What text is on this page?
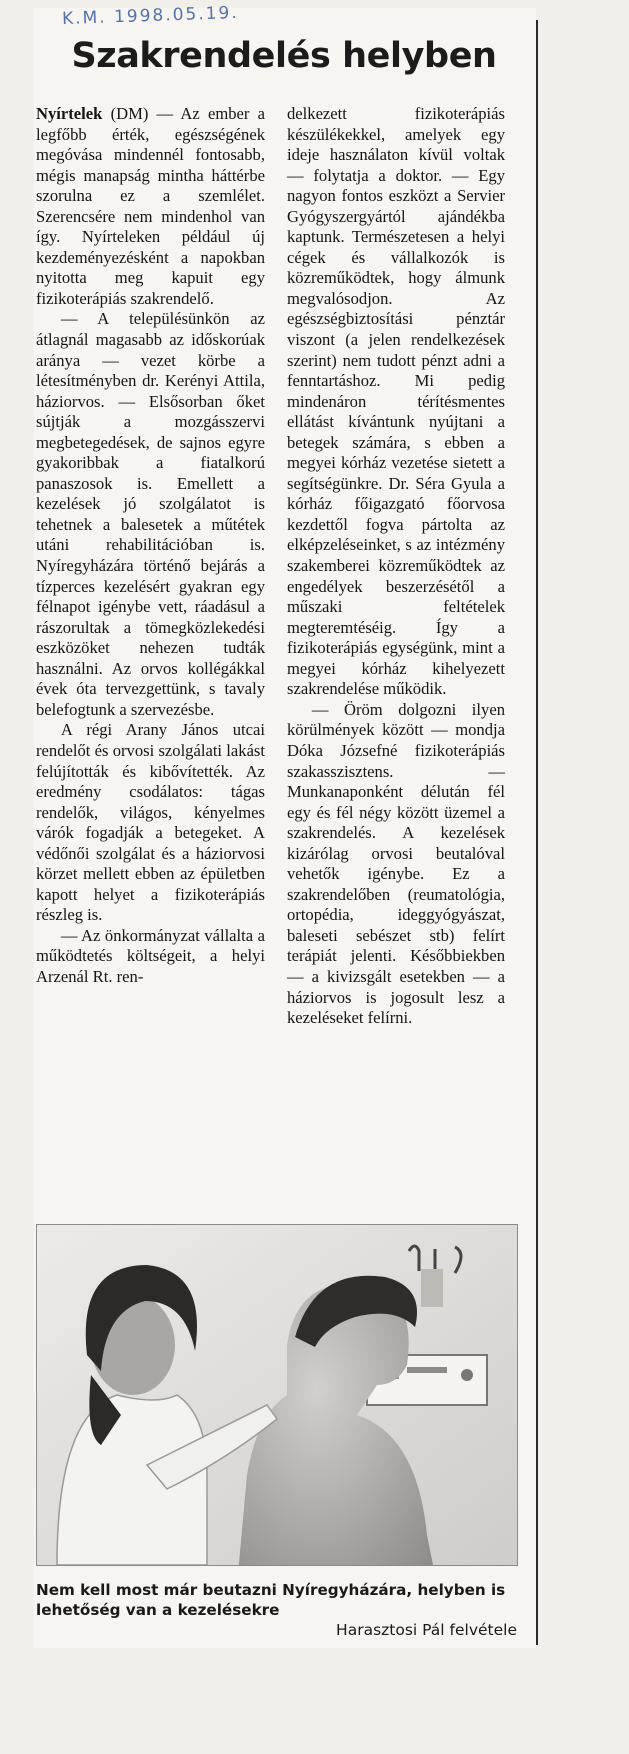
K.M. 1998.05.19.
Szakrendelés helyben

Nyírtelek (DM) — Az ember a legfőbb érték, egészségének megóvása mindennél fontosabb, mégis manapság mintha háttérbe szorulna ez a szemlélet. Szerencsére nem mindenhol van így. Nyírteleken például új kezdeményezésként a napokban nyitotta meg kapuit egy fizikoterápiás szakrendelő.

— A településünkön az átlagnál magasabb az időskorúak aránya — vezet körbe a létesítményben dr. Kerényi Attila, háziorvos. — Elsősorban őket sújtják a mozgásszervi megbetegedések, de sajnos egyre gyakoribbak a fiatalkorú panaszosok is. Emellett a kezelések jó szolgálatot is tehetnek a balesetek a műtétek utáni rehabilitációban is. Nyíregyházára történő bejárás a tízperces kezelésért gyakran egy félnapot igénybe vett, ráadásul a rászorultak a tömegközlekedési eszközöket nehezen tudták használni. Az orvos kollégákkal évek óta tervezgettünk, s tavaly belefogtunk a szervezésbe.

A régi Arany János utcai rendelőt és orvosi szolgálati lakást felújították és kibővítették. Az eredmény csodálatos: tágas rendelők, világos, kényelmes várók fogadják a betegeket. A védőnői szolgálat és a háziorvosi körzet mellett ebben az épületben kapott helyet a fizikoterápiás részleg is.

— Az önkormányzat vállalta a működtetés költségeit, a helyi Arzenál Rt. ren-

delkezett fizikoterápiás készülékekkel, amelyek egy ideje használaton kívül voltak — folytatja a doktor. — Egy nagyon fontos eszközt a Servier Gyógyszergyártól ajándékba kaptunk. Természetesen a helyi cégek és vállalkozók is közreműködtek, hogy álmunk megvalósodjon. Az egészségbiztosítási pénztár viszont (a jelen rendelkezések szerint) nem tudott pénzt adni a fenntartáshoz. Mi pedig mindenáron térítésmentes ellátást kívántunk nyújtani a betegek számára, s ebben a megyei kórház vezetése sietett a segítségünkre. Dr. Séra Gyula a kórház főigazgató főorvosa kezdettől fogva pártolta az elképzeléseinket, s az intézmény szakemberei közreműködtek az engedélyek beszerzésétől a műszaki feltételek megteremtéséig. Így a fizikoterápiás egységünk, mint a megyei kórház kihelyezett szakrendelése működik.

— Öröm dolgozni ilyen körülmények között — mondja Dóka Józsefné fizikoterápiás szakasszisztens. — Munkanaponként délután fél egy és fél négy között üzemel a szakrendelés. A kezelések kizárólag orvosi beutalóval vehetők igénybe. Ez a szakrendelőben (reumatológia, ortopédia, ideggyógyászat, baleseti sebészet stb) felírt terápiát jelenti. Későbbiekben — a kivizsgált esetekben — a háziorvos is jogosult lesz a kezeléseket felírni.

Nem kell most már beutazni Nyíregyházára, helyben is lehetőség van a kezelésekre

Harasztosi Pál felvétele
